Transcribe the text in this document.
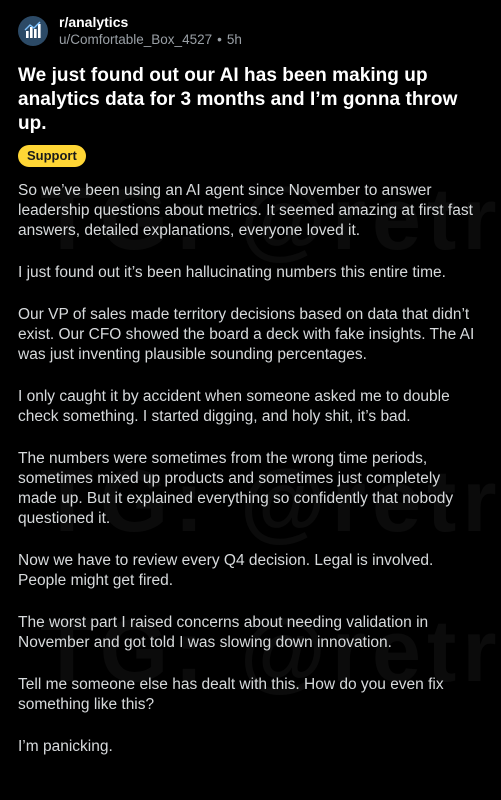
r/analytics
u/Comfortable_Box_4527 • 5h
We just found out our AI has been making up analytics data for 3 months and I’m gonna throw up.
Support

So we’ve been using an AI agent since November to answer leadership questions about metrics. It seemed amazing at first fast answers, detailed explanations, everyone loved it.

I just found out it’s been hallucinating numbers this entire time.

Our VP of sales made territory decisions based on data that didn’t exist. Our CFO showed the board a deck with fake insights. The AI was just inventing plausible sounding percentages.

I only caught it by accident when someone asked me to double check something. I started digging, and holy shit, it’s bad.

The numbers were sometimes from the wrong time periods, sometimes mixed up products and sometimes just completely made up. But it explained everything so confidently that nobody questioned it.

Now we have to review every Q4 decision. Legal is involved. People might get fired.

The worst part I raised concerns about needing validation in November and got told I was slowing down innovation.

Tell me someone else has dealt with this. How do you even fix something like this?

I’m panicking.
